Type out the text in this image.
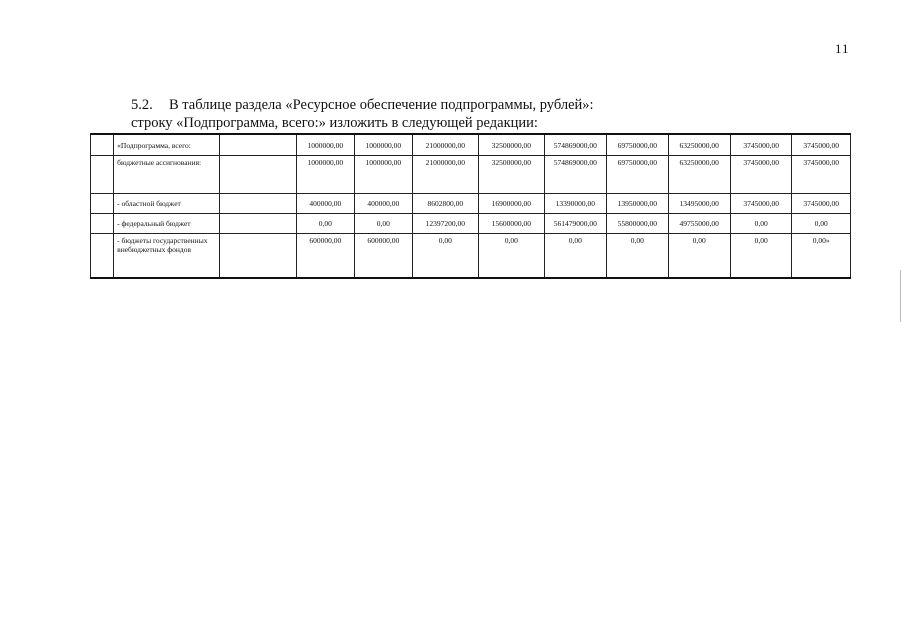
11
5.2. В таблице раздела «Ресурсное обеспечение подпрограммы, рублей»:
строку «Подпрограмма, всего:» изложить в следующей редакции:
	«Подпрограмма, всего:		1000000,00	1000000,00	21000000,00	32500000,00	574869000,00	69750000,00	63250000,00	3745000,00	3745000,00
	бюджетные ассигнования:		1000000,00	1000000,00	21000000,00	32500000,00	574869000,00	69750000,00	63250000,00	3745000,00	3745000,00
	- областной бюджет		400000,00	400000,00	8602800,00	16900000,00	13390000,00	13950000,00	13495000,00	3745000,00	3745000,00
	- федеральный бюджет		0,00	0,00	12397200,00	15600000,00	561479000,00	55800000,00	49755000,00	0,00	0,00
	- бюджеты государственных внебюджетных фондов		600000,00	600000,00	0,00	0,00	0,00	0,00	0,00	0,00	0,00»
